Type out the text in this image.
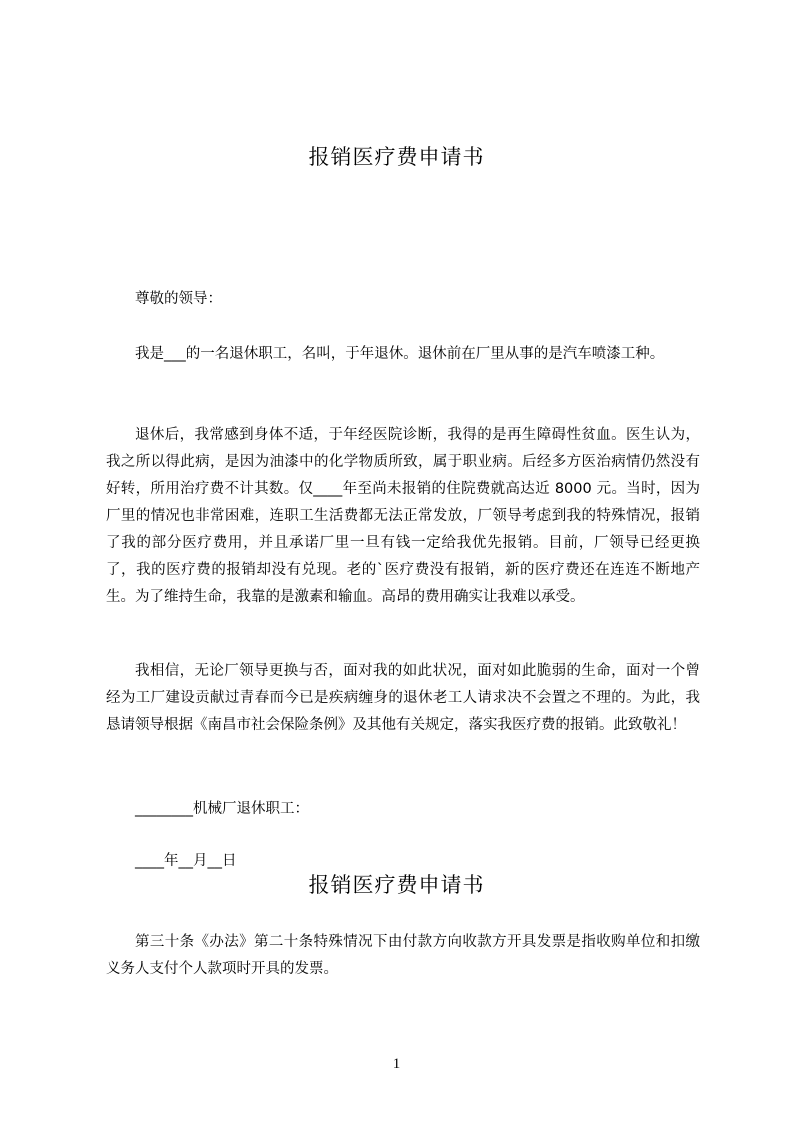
报销医疗费申请书
尊敬的领导：
我是___的一名退休职工，名叫，于年退休。退休前在厂里从事的是汽车喷漆工种。
退休后，我常感到身体不适，于年经医院诊断，我得的是再生障碍性贫血。医生认为，我之所以得此病，是因为油漆中的化学物质所致，属于职业病。后经多方医治病情仍然没有好转，所用治疗费不计其数。仅____年至尚未报销的住院费就高达近 8000 元。当时，因为厂里的情况也非常困难，连职工生活费都无法正常发放，厂领导考虑到我的特殊情况，报销了我的部分医疗费用，并且承诺厂里一旦有钱一定给我优先报销。目前，厂领导已经更换了，我的医疗费的报销却没有兑现。老的`医疗费没有报销，新的医疗费还在连连不断地产生。为了维持生命，我靠的是激素和输血。高昂的费用确实让我难以承受。
我相信，无论厂领导更换与否，面对我的如此状况，面对如此脆弱的生命，面对一个曾经为工厂建设贡献过青春而今已是疾病缠身的退休老工人请求决不会置之不理的。为此，我恳请领导根据《南昌市社会保险条例》及其他有关规定，落实我医疗费的报销。此致敬礼！
________机械厂退休职工：
____年__月__日
报销医疗费申请书
第三十条《办法》第二十条特殊情况下由付款方向收款方开具发票是指收购单位和扣缴义务人支付个人款项时开具的发票。
1
